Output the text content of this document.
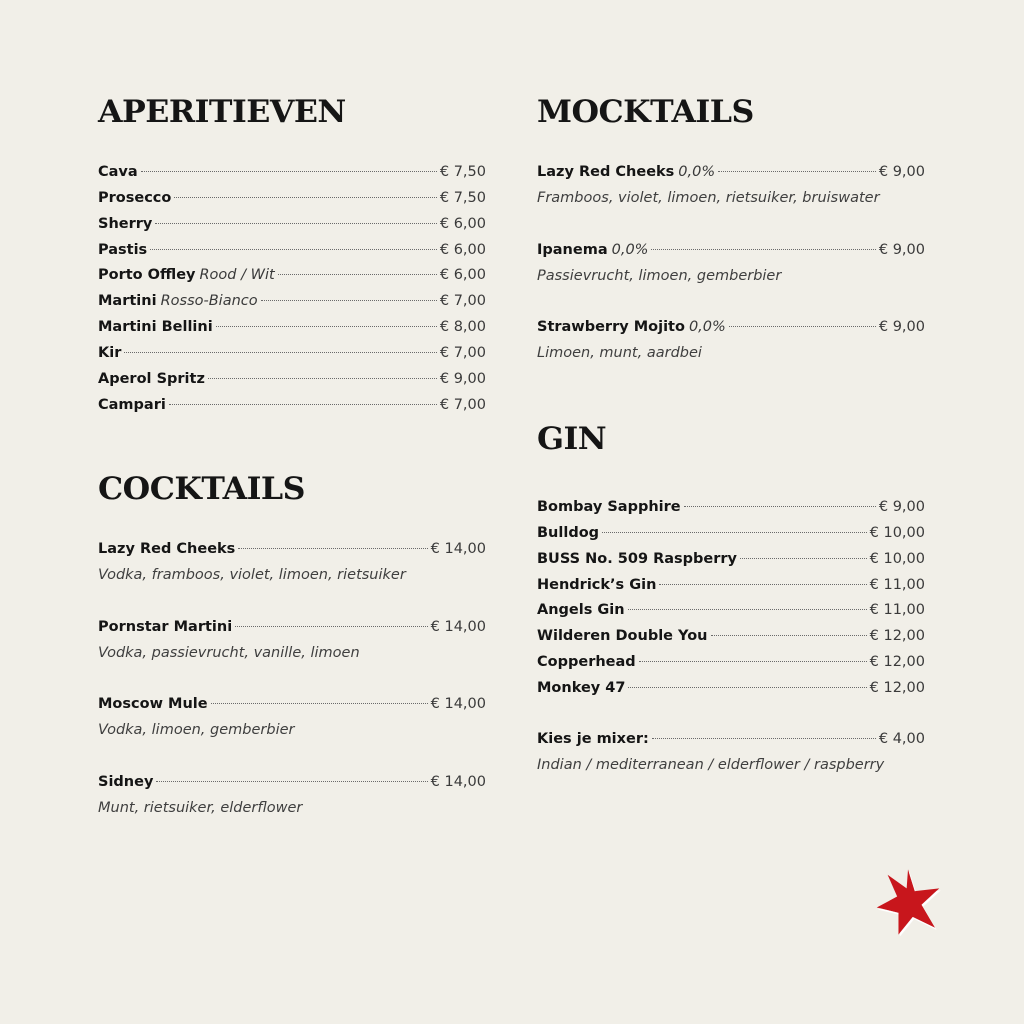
APERITIEVEN
Cava	€ 7,50
Prosecco	€ 7,50
Sherry	€ 6,00
Pastis	€ 6,00
Porto Offley Rood / Wit	€ 6,00
Martini Rosso-Bianco	€ 7,00
Martini Bellini	€ 8,00
Kir	€ 7,00
Aperol Spritz	€ 9,00
Campari	€ 7,00
COCKTAILS
Lazy Red Cheeks	€ 14,00
Vodka, framboos, violet, limoen, rietsuiker
Pornstar Martini	€ 14,00
Vodka, passievrucht, vanille, limoen
Moscow Mule	€ 14,00
Vodka, limoen, gemberbier
Sidney	€ 14,00
Munt, rietsuiker, elderflower
MOCKTAILS
Lazy Red Cheeks 0,0%	€ 9,00
Framboos, violet, limoen, rietsuiker, bruiswater
Ipanema 0,0%	€ 9,00
Passievrucht, limoen, gemberbier
Strawberry Mojito 0,0%	€ 9,00
Limoen, munt, aardbei
GIN
Bombay Sapphire	€ 9,00
Bulldog	€ 10,00
BUSS No. 509 Raspberry	€ 10,00
Hendrick’s Gin	€ 11,00
Angels Gin	€ 11,00
Wilderen Double You	€ 12,00
Copperhead	€ 12,00
Monkey 47	€ 12,00
Kies je mixer:	€ 4,00
Indian / mediterranean / elderflower / raspberry
